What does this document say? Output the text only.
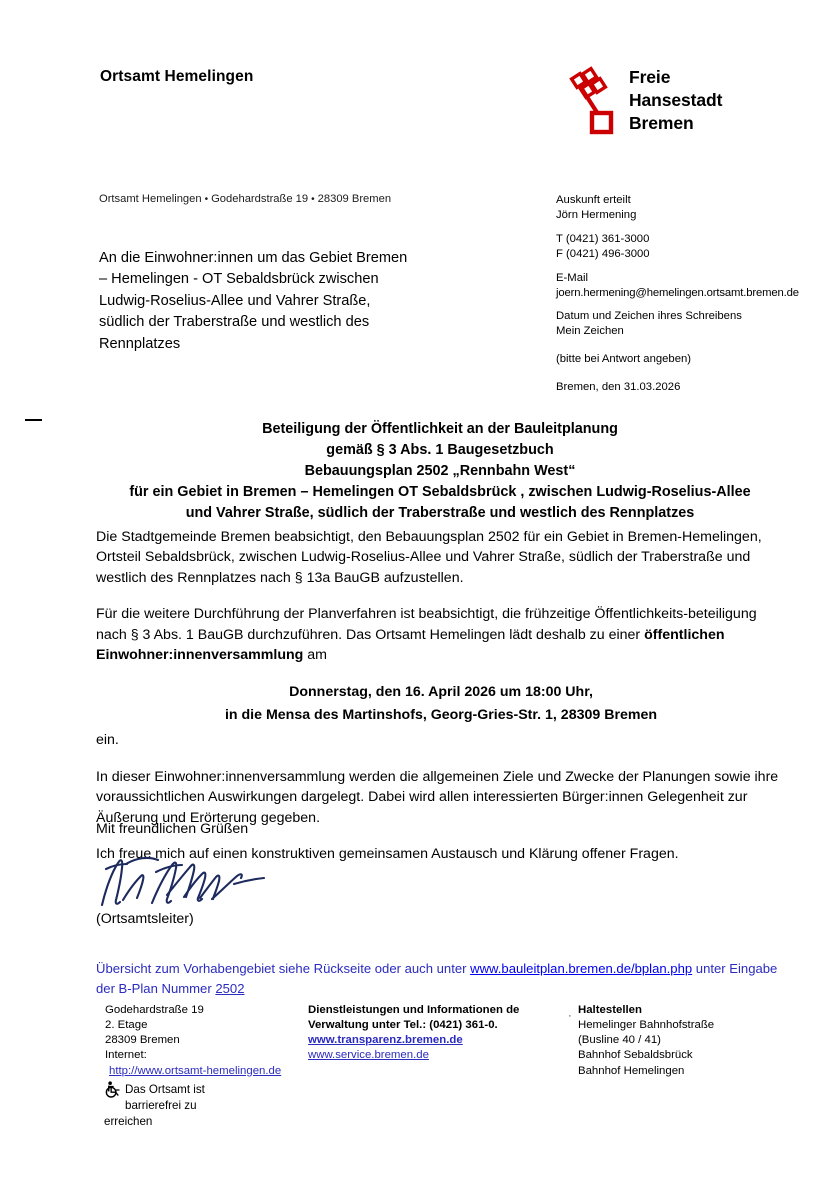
Ortsamt Hemelingen	Freie
Hansestadt
Bremen
Ortsamt Hemelingen • Godehardstraße 19 • 28309 Bremen
An die Einwohner:innen um das Gebiet Bremen
– Hemelingen - OT Sebaldsbrück zwischen
Ludwig-Roselius-Allee und Vahrer Straße,
südlich der Traberstraße und westlich des
Rennplatzes
Auskunft erteilt
Jörn Hermening
T (0421) 361-3000
F (0421) 496-3000
E-Mail
joern.hermening@hemelingen.ortsamt.bremen.de
Datum und Zeichen ihres Schreibens
Mein Zeichen
(bitte bei Antwort angeben)
Bremen, den 31.03.2026
Beteiligung der Öffentlichkeit an der Bauleitplanung
gemäß § 3 Abs. 1 Baugesetzbuch
Bebauungsplan 2502 „Rennbahn West“
für ein Gebiet in Bremen – Hemelingen OT Sebaldsbrück , zwischen Ludwig-Roselius-Allee
und Vahrer Straße, südlich der Traberstraße und westlich des Rennplatzes

Die Stadtgemeinde Bremen beabsichtigt, den Bebauungsplan 2502 für ein Gebiet in Bremen-Hemelingen, Ortsteil Sebaldsbrück, zwischen Ludwig-Roselius-Allee und Vahrer Straße, südlich der Traberstraße und westlich des Rennplatzes nach § 13a BauGB aufzustellen.

Für die weitere Durchführung der Planverfahren ist beabsichtigt, die frühzeitige Öffentlichkeits-beteiligung nach § 3 Abs. 1 BauGB durchzuführen. Das Ortsamt Hemelingen lädt deshalb zu einer öffentlichen Einwohner:innenversammlung am

Donnerstag, den 16. April 2026 um 18:00 Uhr,
in die Mensa des Martinshofs, Georg-Gries-Str. 1, 28309 Bremen

ein.

In dieser Einwohner:innenversammlung werden die allgemeinen Ziele und Zwecke der Planungen sowie ihre voraussichtlichen Auswirkungen dargelegt. Dabei wird allen interessierten Bürger:innen Gelegenheit zur Äußerung und Erörterung gegeben.

Ich freue mich auf einen konstruktiven gemeinsamen Austausch und Klärung offener Fragen.

Mit freundlichen Grüßen
(Ortsamtsleiter)
Übersicht zum Vorhabengebiet siehe Rückseite oder auch unter www.bauleitplan.bremen.de/bplan.php unter Eingabe der B-Plan Nummer 2502
Godehardstraße 19
2. Etage
28309 Bremen
Internet:
http://www.ortsamt-hemelingen.de
Dienstleistungen und Informationen de
Verwaltung unter Tel.: (0421) 361-0.
www.transparenz.bremen.de
www.service.bremen.de
· Haltestellen
Hemelinger Bahnhofstraße
(Busline 40 / 41)
Bahnhof Sebaldsbrück
Bahnhof Hemelingen
Das Ortsamt ist
barrierefrei zu erreichen
